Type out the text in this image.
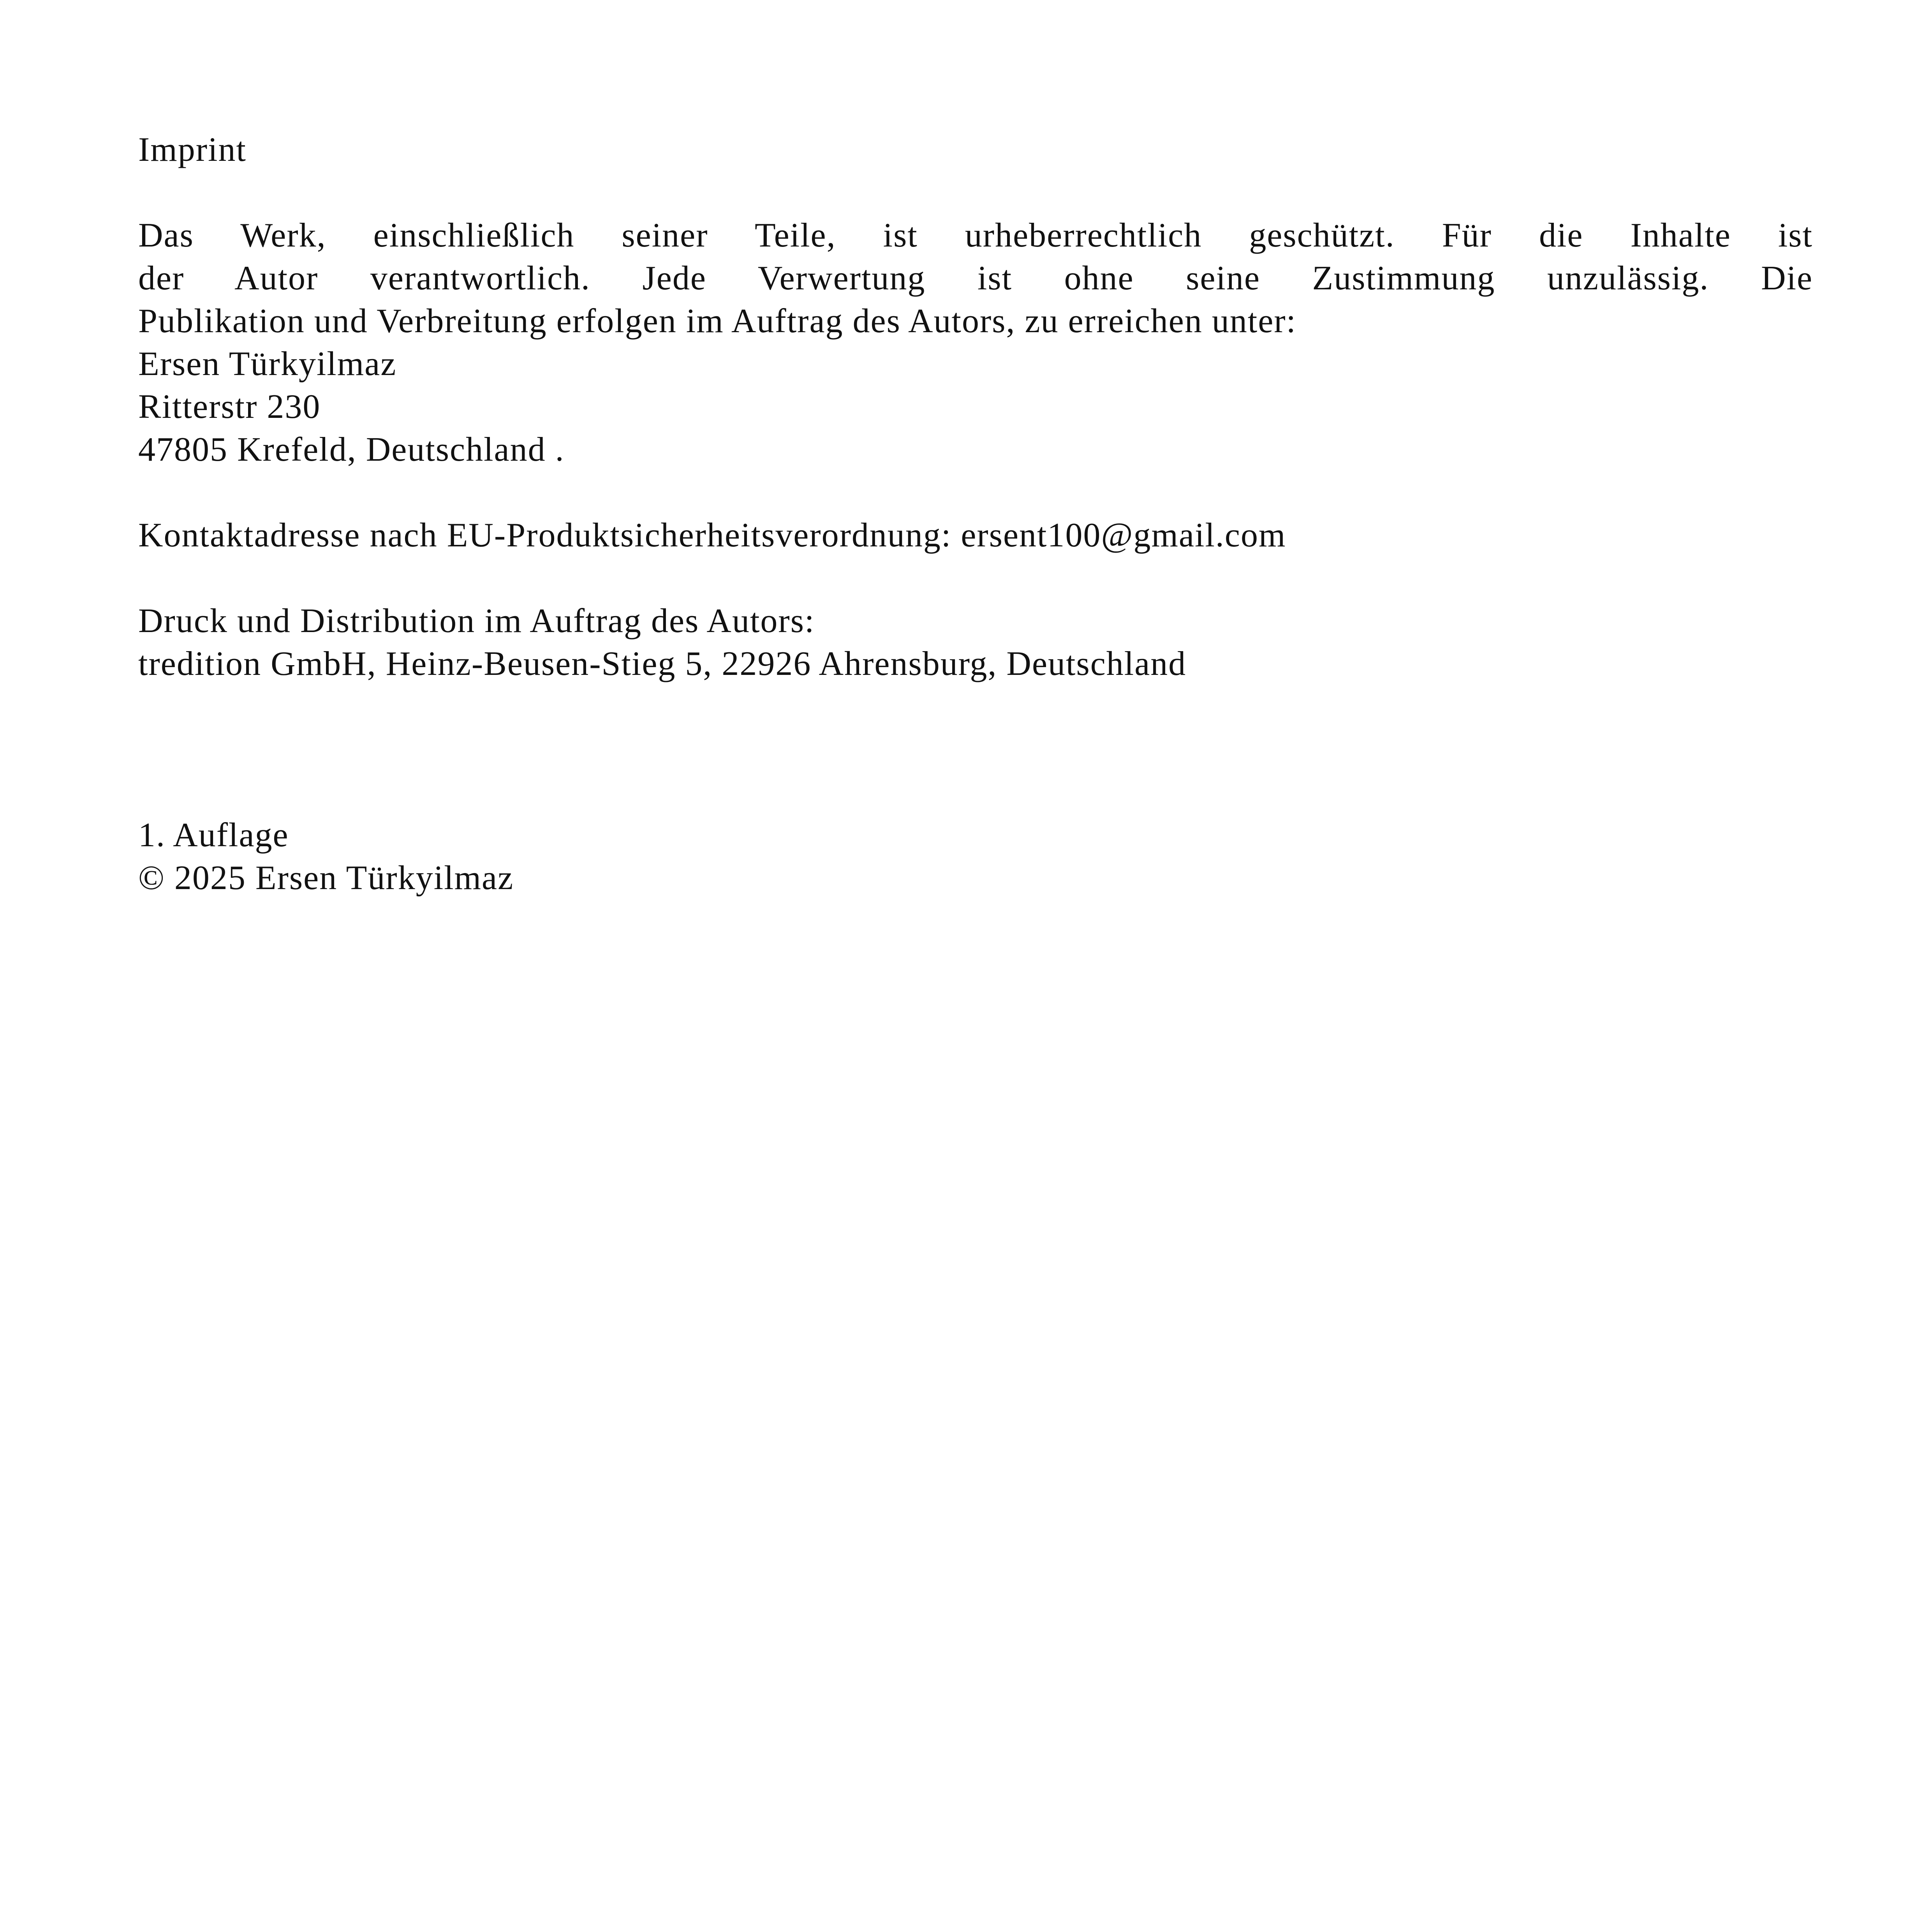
Imprint

Das Werk, einschließlich seiner Teile, ist urheberrechtlich geschützt. Für die Inhalte ist
der Autor verantwortlich. Jede Verwertung ist ohne seine Zustimmung unzulässig. Die
Publikation und Verbreitung erfolgen im Auftrag des Autors, zu erreichen unter:
Ersen Türkyilmaz
Ritterstr 230
47805 Krefeld, Deutschland .

Kontaktadresse nach EU-Produktsicherheitsverordnung: ersent100@gmail.com

Druck und Distribution im Auftrag des Autors:
tredition GmbH, Heinz-Beusen-Stieg 5, 22926 Ahrensburg, Deutschland

1. Auflage

© 2025 Ersen Türkyilmaz
